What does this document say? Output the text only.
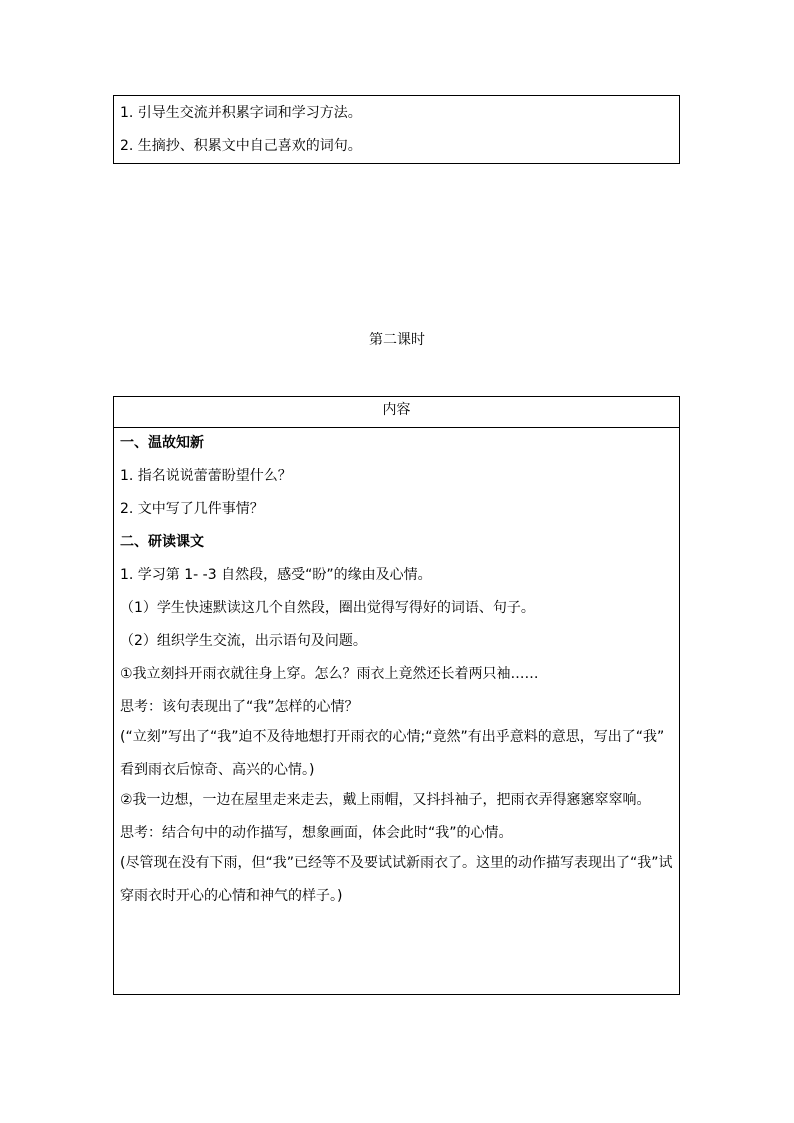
1. 引导生交流并积累字词和学习方法。
2. 生摘抄、积累文中自己喜欢的词句。
第二课时
内容
一、温故知新
1. 指名说说蕾蕾盼望什么？
2. 文中写了几件事情？
二、研读课文
1. 学习第 1- -3 自然段，感受“盼”的缘由及心情。
（1）学生快速默读这几个自然段，圈出觉得写得好的词语、句子。
（2）组织学生交流，出示语句及问题。
①我立刻抖开雨衣就往身上穿。怎么？雨衣上竟然还长着两只袖……
思考：该句表现出了“我”怎样的心情？
(“立刻”写出了“我”迫不及待地想打开雨衣的心情;“竟然”有出乎意料的意思，写出了“我”
看到雨衣后惊奇、高兴的心情。)
②我一边想，一边在屋里走来走去，戴上雨帽，又抖抖袖子，把雨衣弄得窸窸窣窣响。
思考：结合句中的动作描写，想象画面，体会此时“我”的心情。
(尽管现在没有下雨，但“我”已经等不及要试试新雨衣了。这里的动作描写表现出了“我”试
穿雨衣时开心的心情和神气的样子。)
